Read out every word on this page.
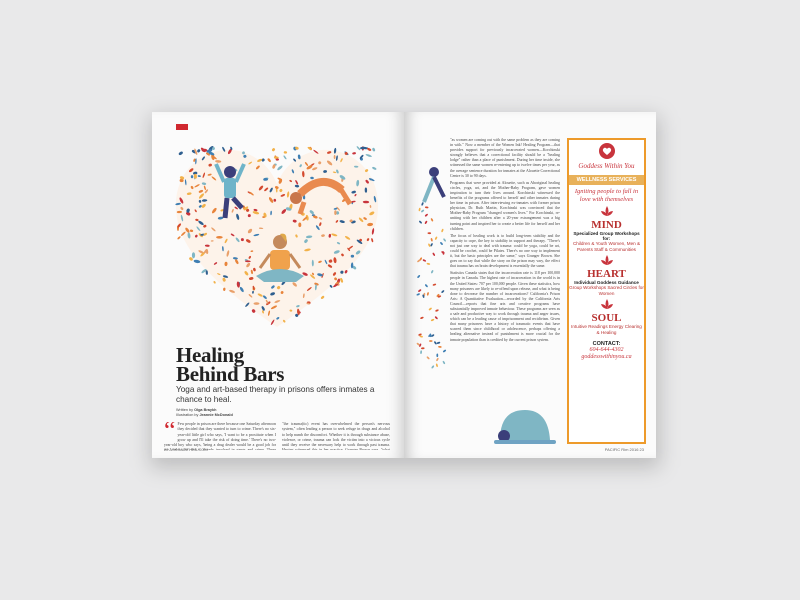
Healing
Behind Bars

Yoga and art-based therapy in prisons offers inmates a chance to heal.

Written by Olga Braykh
Illustration by Jeannie McDonald

“ Few people in prison are there because one Saturday afternoon they decided that they wanted to turn to crime. There's no six-year-old little girl who says, 'I want to be a prostitute when I grow up and I'll take the risk of doing time.' There's no two-year-old boy who says, 'being a drug dealer would be a good job for

"the trauma(tic) event has overwhelmed the person's nervous system," often leading a person to seek refuge in drugs and alcohol to help numb the discomfort. Whether it is through substance abuse, violence, or crime, trauma can lock the victim into a vicious cycle until they receive the necessary help to work through past trauma.

22 ASKGAIATHEA.COM

"as women are coming out with the same problem as they are coming in with." Now a member of the Women Ink! Healing Program—that provides support for previously incarcerated women—Korchinski strongly believes that a correctional facility should be a "healing lodge" rather than a place of punishment. During her time inside, she witnessed the same women re-entering up to twelve times per year, as the average sentence duration for inmates at the Alouette Correctional Centre is 30 to 90 days.

Programs that were provided at Alouette, such as Aboriginal healing circles, yoga, art, and the Mother-Baby Program, gave women inspiration to turn their lives around. Korchinski witnessed the benefits of the programs offered to herself and other inmates during her time in prison. After interviewing ex-inmates with former prison physician, Dr. Ruth Martin, Korchinski was convinced that the Mother-Baby Program "changed women's lives." For Korchinski, re-uniting with her children after a 20-year estrangement was a big turning point and inspired her to create a better life for herself and her children.

The focus of healing work is to build long-term stability and the capacity to cope, the key to stability in support and therapy. "There's not just one way to deal with trauma: could be yoga, could be art, could be crochet, could be Pilates. There's no one way to implement it, but the basic principles are the same," says Granger Brown. She goes on to say that while the story on the prison may vary, the effect that trauma has on brain development is essentially the same.

Statistics Canada states that the incarceration rate is 118 per 100,000 people in Canada. The highest rate of incarceration in the world is in the United States: 707 per 100,000 people. Given these statistics, how many prisoners are likely to re-offend upon release, and what is being done to decrease the number of incarcerations? California's Prison Arts: A Quantitative Evaluation—recorded by the California Arts Council—reports that fine arts and creative programs have substantially improved inmate behaviour. These programs are seen as a safe and productive way to work through trauma and anger issues, which can be a leading cause of imprisonment and recidivism. Given that many prisoners have a history of traumatic events that have scarred them since childhood or adolescence, perhaps offering a healing alternative instead of punishment is more crucial for the inmate population than is credited by the current prison system.

Goddess Within You
WELLNESS SERVICES
Igniting people to fall in love with themselves
MIND
Specialized Group Workshops for:
Children & Youth Women, Men & Parents Staff & Communities
HEART
Individual Goddess Guidance
Group Workshops Sacred Circles for Women
SOUL
Intuitive Readings Energy Clearing & Healing
CONTACT:
604-644-4302
goddesswithinyou.ca
PACIFIC Rim 2016 23
